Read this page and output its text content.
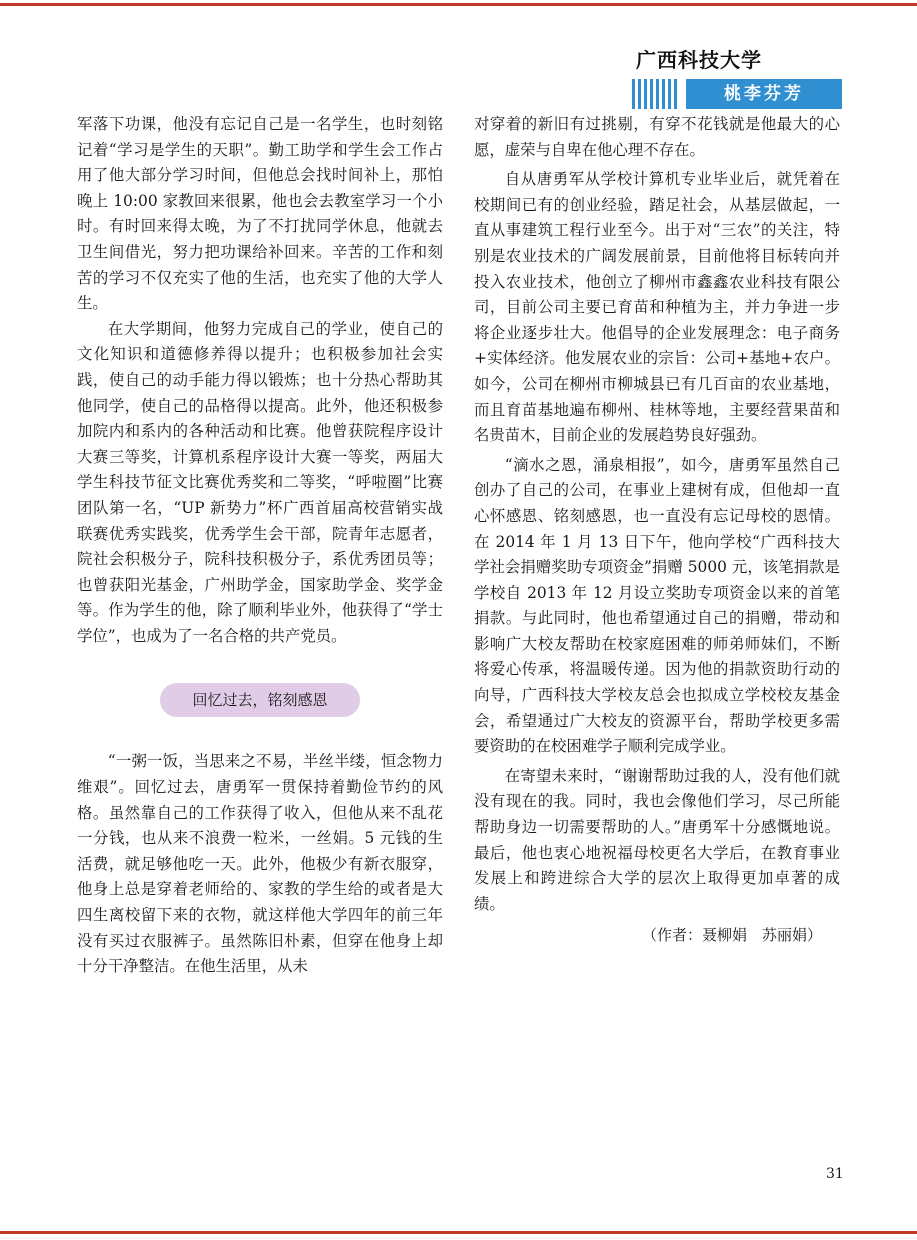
广西科技大学
桃李芬芳

军落下功课，他没有忘记自己是一名学生，也时刻铭记着“学习是学生的天职”。勤工助学和学生会工作占用了他大部分学习时间，但他总会找时间补上，那怕晚上 10:00 家教回来很累，他也会去教室学习一个小时。有时回来得太晚，为了不打扰同学休息，他就去卫生间借光，努力把功课给补回来。辛苦的工作和刻苦的学习不仅充实了他的生活，也充实了他的大学人生。

在大学期间，他努力完成自己的学业，使自己的文化知识和道德修养得以提升；也积极参加社会实践，使自己的动手能力得以锻炼；也十分热心帮助其他同学，使自己的品格得以提高。此外，他还积极参加院内和系内的各种活动和比赛。他曾获院程序设计大赛三等奖，计算机系程序设计大赛一等奖，两届大学生科技节征文比赛优秀奖和二等奖，“呼啦圈”比赛团队第一名，“UP 新势力”杯广西首届高校营销实战联赛优秀实践奖，优秀学生会干部，院青年志愿者，院社会积极分子，院科技积极分子，系优秀团员等；也曾获阳光基金，广州助学金，国家助学金、奖学金等。作为学生的他，除了顺利毕业外，他获得了“学士学位”，也成为了一名合格的共产党员。

回忆过去，铭刻感恩

“一粥一饭，当思来之不易，半丝半缕，恒念物力维艰”。回忆过去，唐勇军一贯保持着勤俭节约的风格。虽然靠自己的工作获得了收入，但他从来不乱花一分钱，也从来不浪费一粒米，一丝娟。5 元钱的生活费，就足够他吃一天。此外，他极少有新衣服穿，他身上总是穿着老师给的、家教的学生给的或者是大四生离校留下来的衣物，就这样他大学四年的前三年没有买过衣服裤子。虽然陈旧朴素，但穿在他身上却十分干净整洁。在他生活里，从未

对穿着的新旧有过挑剔，有穿不花钱就是他最大的心愿，虚荣与自卑在他心理不存在。

自从唐勇军从学校计算机专业毕业后，就凭着在校期间已有的创业经验，踏足社会，从基层做起，一直从事建筑工程行业至今。出于对“三农”的关注，特别是农业技术的广阔发展前景，目前他将目标转向并投入农业技术，他创立了柳州市鑫鑫农业科技有限公司，目前公司主要已育苗和种植为主，并力争进一步将企业逐步壮大。他倡导的企业发展理念：电子商务+实体经济。他发展农业的宗旨：公司+基地+农户。如今，公司在柳州市柳城县已有几百亩的农业基地，而且育苗基地遍布柳州、桂林等地，主要经营果苗和名贵苗木，目前企业的发展趋势良好强劲。

“滴水之恩，涌泉相报”，如今，唐勇军虽然自己创办了自己的公司，在事业上建树有成，但他却一直心怀感恩、铭刻感恩，也一直没有忘记母校的恩情。在 2014 年 1 月 13 日下午，他向学校“广西科技大学社会捐赠奖助专项资金”捐赠 5000 元，该笔捐款是学校自 2013 年 12 月设立奖助专项资金以来的首笔捐款。与此同时，他也希望通过自己的捐赠，带动和影响广大校友帮助在校家庭困难的师弟师妹们，不断将爱心传承，将温暖传递。因为他的捐款资助行动的向导，广西科技大学校友总会也拟成立学校校友基金会，希望通过广大校友的资源平台，帮助学校更多需要资助的在校困难学子顺利完成学业。

在寄望未来时，“谢谢帮助过我的人，没有他们就没有现在的我。同时，我也会像他们学习，尽己所能帮助身边一切需要帮助的人。”唐勇军十分感慨地说。最后，他也衷心地祝福母校更名大学后，在教育事业发展上和跨进综合大学的层次上取得更加卓著的成绩。

（作者：聂柳娟　苏丽娟）
31
